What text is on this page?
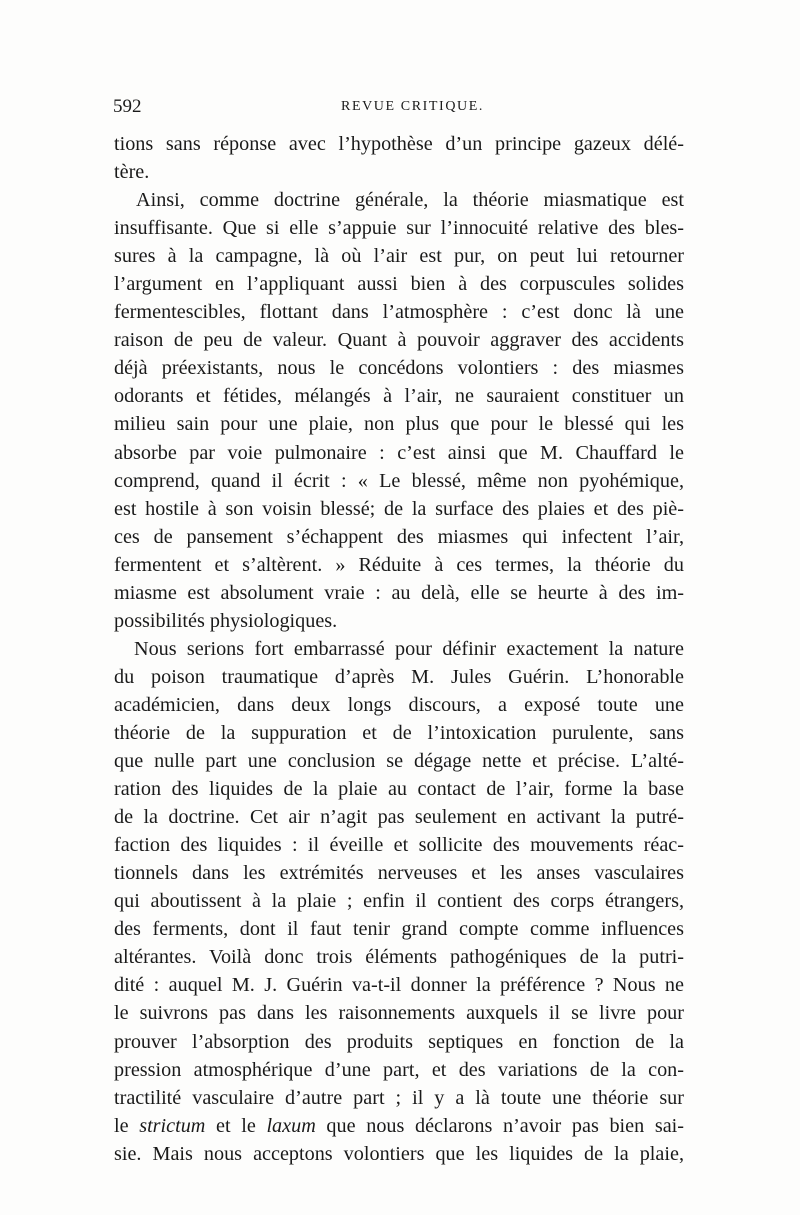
592	REVUE CRITIQUE.
tions sans réponse avec l’hypothèse d’un principe gazeux délé-
tère.
Ainsi, comme doctrine générale, la théorie miasmatique est
insuffisante. Que si elle s’appuie sur l’innocuité relative des bles-
sures à la campagne, là où l’air est pur, on peut lui retourner
l’argument en l’appliquant aussi bien à des corpuscules solides
fermentescibles, flottant dans l’atmosphère : c’est donc là une
raison de peu de valeur. Quant à pouvoir aggraver des accidents
déjà préexistants, nous le concédons volontiers : des miasmes
odorants et fétides, mélangés à l’air, ne sauraient constituer un
milieu sain pour une plaie, non plus que pour le blessé qui les
absorbe par voie pulmonaire : c’est ainsi que M. Chauffard le
comprend, quand il écrit : « Le blessé, même non pyohémique,
est hostile à son voisin blessé; de la surface des plaies et des piè-
ces de pansement s’échappent des miasmes qui infectent l’air,
fermentent et s’altèrent. » Réduite à ces termes, la théorie du
miasme est absolument vraie : au delà, elle se heurte à des im-
possibilités physiologiques.
Nous serions fort embarrassé pour définir exactement la nature
du poison traumatique d’après M. Jules Guérin. L’honorable
académicien, dans deux longs discours, a exposé toute une
théorie de la suppuration et de l’intoxication purulente, sans
que nulle part une conclusion se dégage nette et précise. L’alté-
ration des liquides de la plaie au contact de l’air, forme la base
de la doctrine. Cet air n’agit pas seulement en activant la putré-
faction des liquides : il éveille et sollicite des mouvements réac-
tionnels dans les extrémités nerveuses et les anses vasculaires
qui aboutissent à la plaie ; enfin il contient des corps étrangers,
des ferments, dont il faut tenir grand compte comme influences
altérantes. Voilà donc trois éléments pathogéniques de la putri-
dité : auquel M. J. Guérin va-t-il donner la préférence ? Nous ne
le suivrons pas dans les raisonnements auxquels il se livre pour
prouver l’absorption des produits septiques en fonction de la
pression atmosphérique d’une part, et des variations de la con-
tractilité vasculaire d’autre part ; il y a là toute une théorie sur
le strictum et le laxum que nous déclarons n’avoir pas bien sai-
sie. Mais nous acceptons volontiers que les liquides de la plaie,
